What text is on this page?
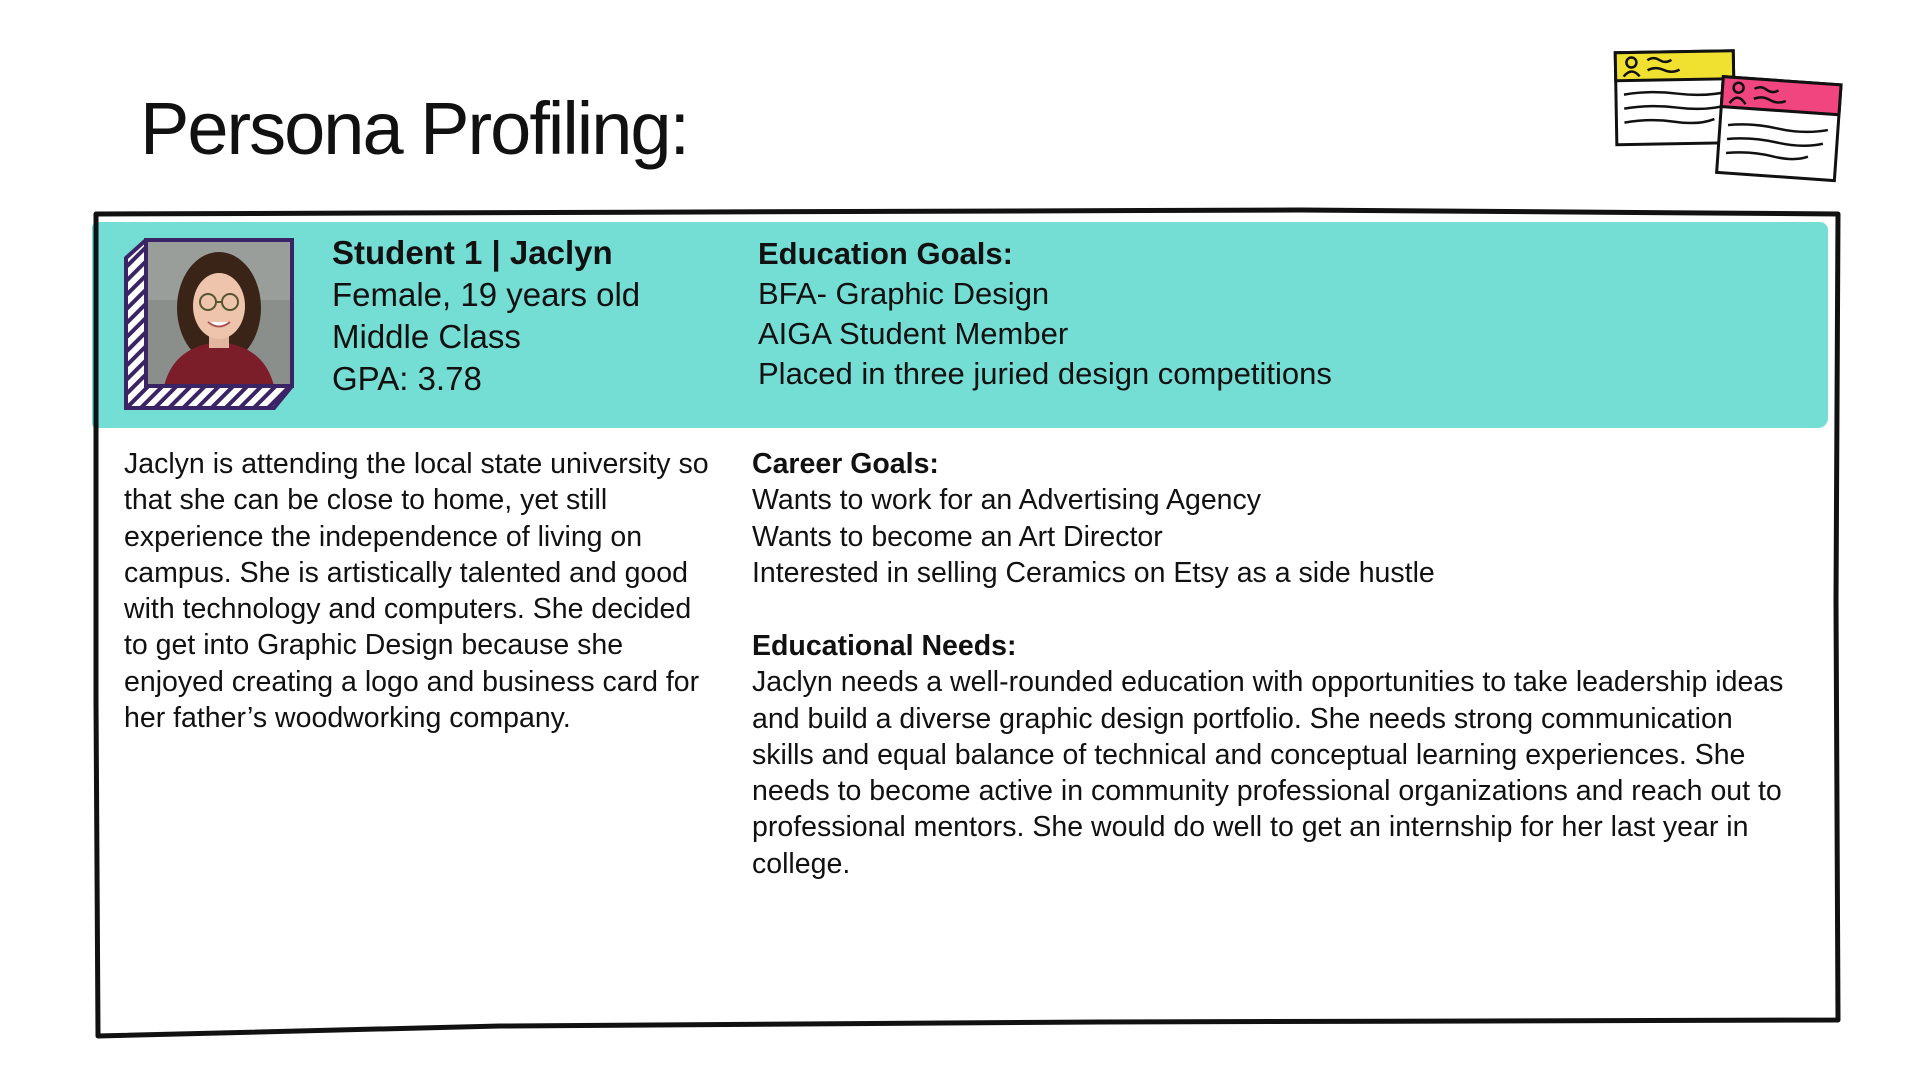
Persona Profiling:
Student 1 | Jaclyn
Female, 19 years old
Middle Class
GPA: 3.78
Education Goals:
BFA- Graphic Design
AIGA Student Member
Placed in three juried design competitions

Jaclyn is attending the local state university so that she can be close to home, yet still experience the independence of living on campus. She is artistically talented and good with technology and computers. She decided to get into Graphic Design because she enjoyed creating a logo and business card for her father’s woodworking company.

Career Goals:
Wants to work for an Advertising Agency
Wants to become an Art Director
Interested in selling Ceramics on Etsy as a side hustle
Educational Needs:

Jaclyn needs a well-rounded education with opportunities to take leadership ideas and build a diverse graphic design portfolio. She needs strong communication skills and equal balance of technical and conceptual learning experiences. She needs to become active in community professional organizations and reach out to professional mentors. She would do well to get an internship for her last year in college.
